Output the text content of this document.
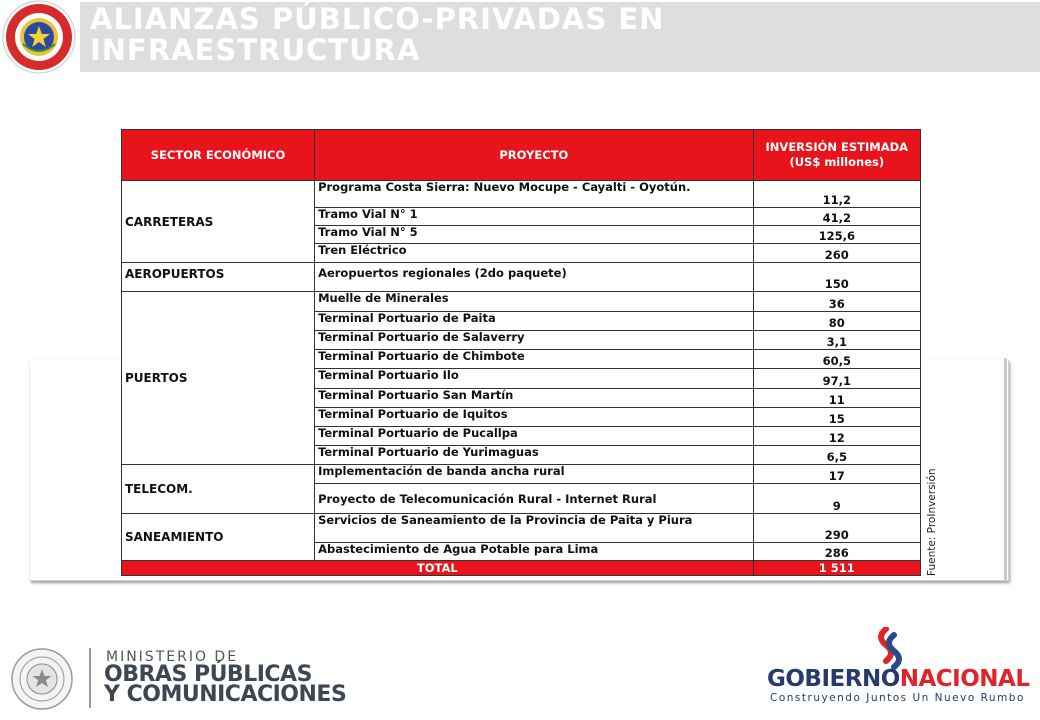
ALIANZAS PÚBLICO-PRIVADAS EN
INFRAESTRUCTURA
SECTOR ECONÓMICO	PROYECTO	INVERSIÓN ESTIMADA
(US$ millones)
CARRETERAS	Programa Costa Sierra: Nuevo Mocupe - Cayalti - Oyotún.	11,2
	Tramo Vial N° 1	41,2
	Tramo Vial N° 5	125,6
	Tren Eléctrico	260
AEROPUERTOS	Aeropuertos regionales (2do paquete)	150
PUERTOS	Muelle de Minerales	36
	Terminal Portuario de Paita	80
	Terminal Portuario de Salaverry	3,1
	Terminal Portuario de Chimbote	60,5
	Terminal Portuario Ilo	97,1
	Terminal Portuario San Martín	11
	Terminal Portuario de Iquitos	15
	Terminal Portuario de Pucallpa	12
	Terminal Portuario de Yurimaguas	6,5
TELECOM.	Implementación de banda ancha rural	17
	Proyecto de Telecomunicación Rural - Internet Rural	9
SANEAMIENTO	Servicios de Saneamiento de la Provincia de Paita y Piura	290
	Abastecimiento de Agua Potable para Lima	286
TOTAL		1 511	Fuente: ProInversión
MINISTERIO DE
OBRAS PÚBLICAS
Y COMUNICACIONES
GOBIERNONACIONAL
Construyendo Juntos Un Nuevo Rumbo
